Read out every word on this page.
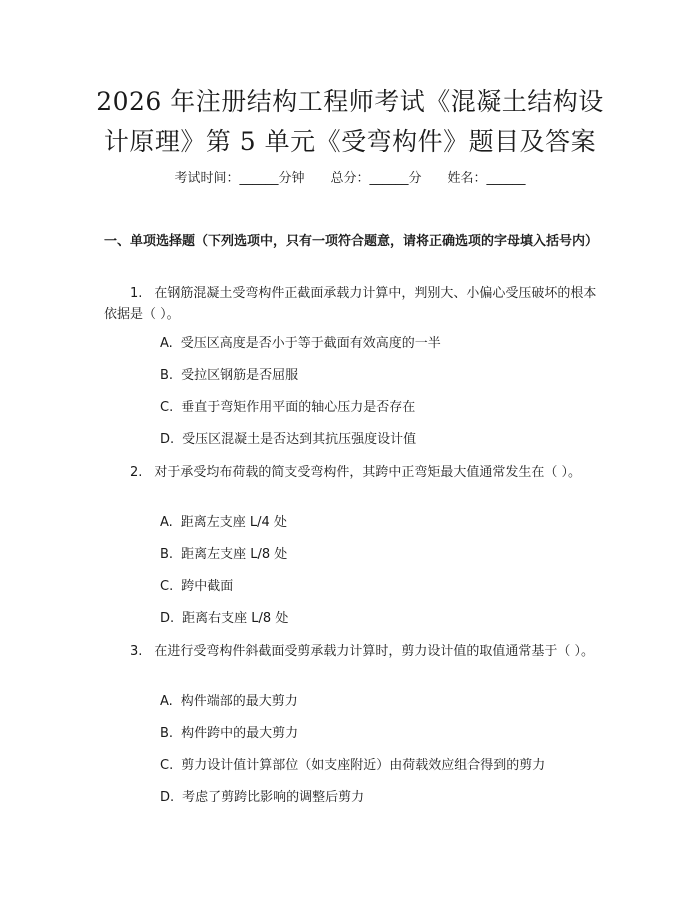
2026 年注册结构工程师考试《混凝土结构设
计原理》第 5 单元《受弯构件》题目及答案
考试时间：______分钟 总分：______分 姓名：______
一、单项选择题（下列选项中，只有一项符合题意，请将正确选项的字母填入括号内）
1. 在钢筋混凝土受弯构件正截面承载力计算中，判别大、小偏心受压破坏的根本依据是（ ）。
A. 受压区高度是否小于等于截面有效高度的一半
B. 受拉区钢筋是否屈服
C. 垂直于弯矩作用平面的轴心压力是否存在
D. 受压区混凝土是否达到其抗压强度设计值
2. 对于承受均布荷载的简支受弯构件，其跨中正弯矩最大值通常发生在（ ）。
A. 距离左支座 L/4 处
B. 距离左支座 L/8 处
C. 跨中截面
D. 距离右支座 L/8 处
3. 在进行受弯构件斜截面受剪承载力计算时，剪力设计值的取值通常基于（ ）。
A. 构件端部的最大剪力
B. 构件跨中的最大剪力
C. 剪力设计值计算部位（如支座附近）由荷载效应组合得到的剪力
D. 考虑了剪跨比影响的调整后剪力
